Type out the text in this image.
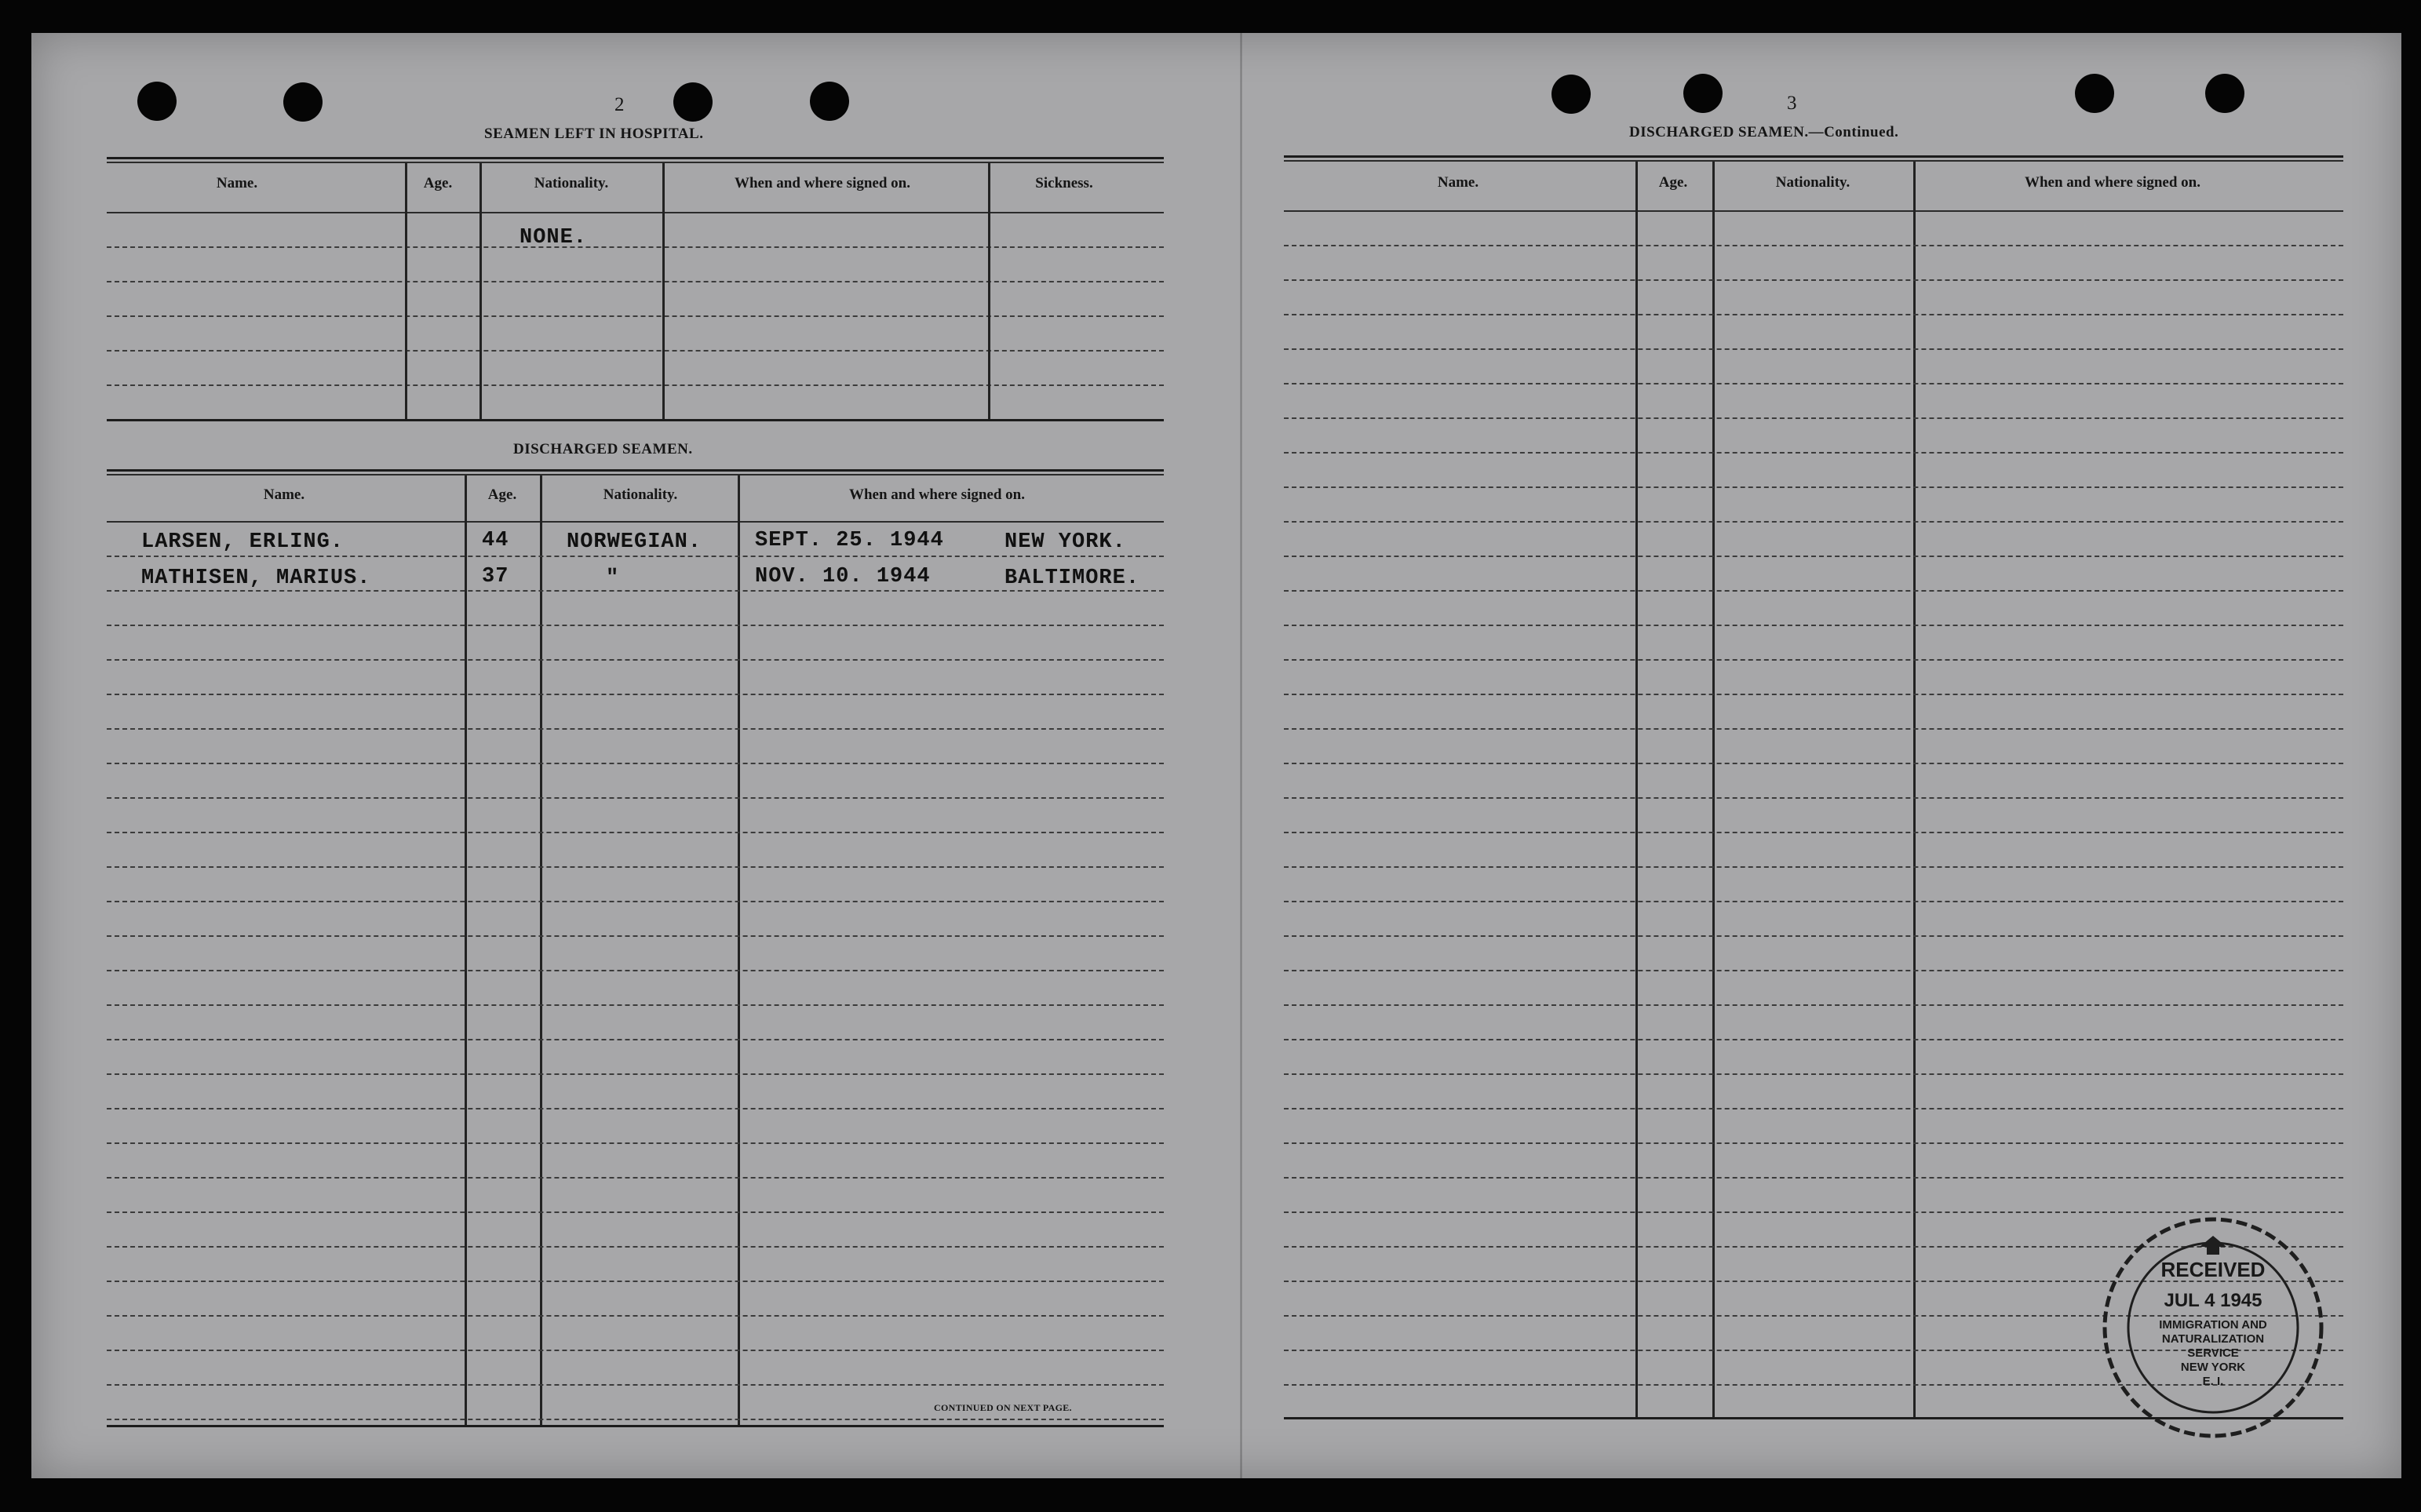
2
SEAMEN LEFT IN HOSPITAL.
Name.	Age.	Nationality.	When and where signed on.	Sickness.
NONE.
DISCHARGED SEAMEN.
Name.	Age.	Nationality.	When and where signed on.
LARSEN, ERLING.	44	NORWEGIAN.	SEPT. 25. 1944	NEW YORK.
MATHISEN, MARIUS.	37	"	NOV. 10. 1944	BALTIMORE.
CONTINUED ON NEXT PAGE.
3
DISCHARGED SEAMEN.—Continued.
Name.	Age.	Nationality.	When and where signed on.
RECEIVED
JUL 4 1945
IMMIGRATION AND
NATURALIZATION
SERVICE
NEW YORK
E. I.
